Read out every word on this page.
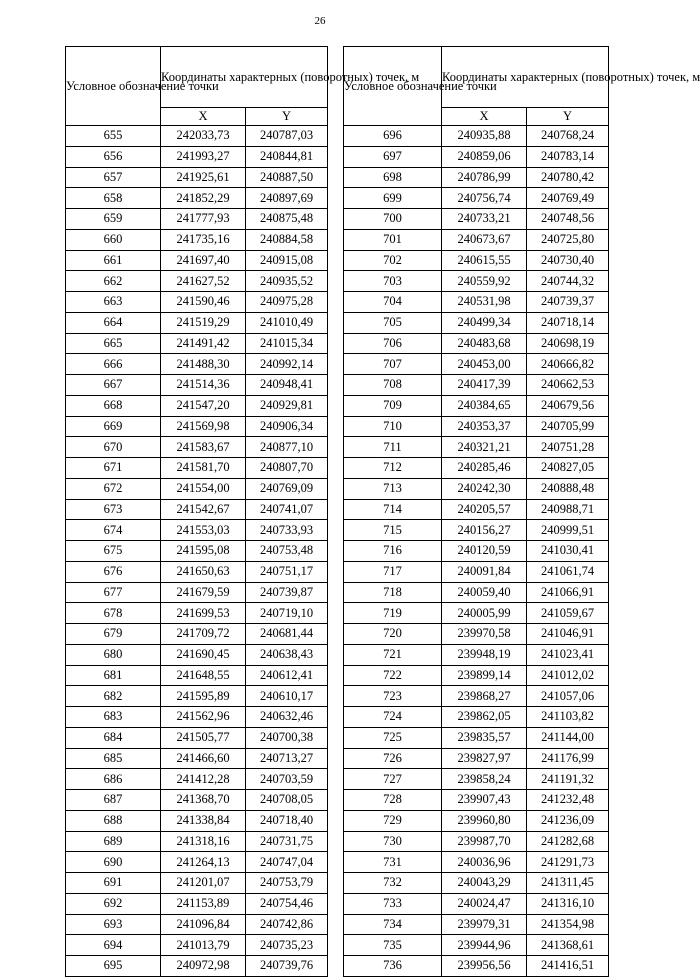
26
Условное обозначение точки	Координаты характерных (поворотных) точек, м	
	X	Y
655	242033,73	240787,03
656	241993,27	240844,81
657	241925,61	240887,50
658	241852,29	240897,69
659	241777,93	240875,48
660	241735,16	240884,58
661	241697,40	240915,08
662	241627,52	240935,52
663	241590,46	240975,28
664	241519,29	241010,49
665	241491,42	241015,34
666	241488,30	240992,14
667	241514,36	240948,41
668	241547,20	240929,81
669	241569,98	240906,34
670	241583,67	240877,10
671	241581,70	240807,70
672	241554,00	240769,09
673	241542,67	240741,07
674	241553,03	240733,93
675	241595,08	240753,48
676	241650,63	240751,17
677	241679,59	240739,87
678	241699,53	240719,10
679	241709,72	240681,44
680	241690,45	240638,43
681	241648,55	240612,41
682	241595,89	240610,17
683	241562,96	240632,46
684	241505,77	240700,38
685	241466,60	240713,27
686	241412,28	240703,59
687	241368,70	240708,05
688	241338,84	240718,40
689	241318,16	240731,75
690	241264,13	240747,04
691	241201,07	240753,79
692	241153,89	240754,46
693	241096,84	240742,86
694	241013,79	240735,23
695	240972,98	240739,76
Условное обозначение точки	Координаты характерных (поворотных) точек, м	
	X	Y
696	240935,88	240768,24
697	240859,06	240783,14
698	240786,99	240780,42
699	240756,74	240769,49
700	240733,21	240748,56
701	240673,67	240725,80
702	240615,55	240730,40
703	240559,92	240744,32
704	240531,98	240739,37
705	240499,34	240718,14
706	240483,68	240698,19
707	240453,00	240666,82
708	240417,39	240662,53
709	240384,65	240679,56
710	240353,37	240705,99
711	240321,21	240751,28
712	240285,46	240827,05
713	240242,30	240888,48
714	240205,57	240988,71
715	240156,27	240999,51
716	240120,59	241030,41
717	240091,84	241061,74
718	240059,40	241066,91
719	240005,99	241059,67
720	239970,58	241046,91
721	239948,19	241023,41
722	239899,14	241012,02
723	239868,27	241057,06
724	239862,05	241103,82
725	239835,57	241144,00
726	239827,97	241176,99
727	239858,24	241191,32
728	239907,43	241232,48
729	239960,80	241236,09
730	239987,70	241282,68
731	240036,96	241291,73
732	240043,29	241311,45
733	240024,47	241316,10
734	239979,31	241354,98
735	239944,96	241368,61
736	239956,56	241416,51
